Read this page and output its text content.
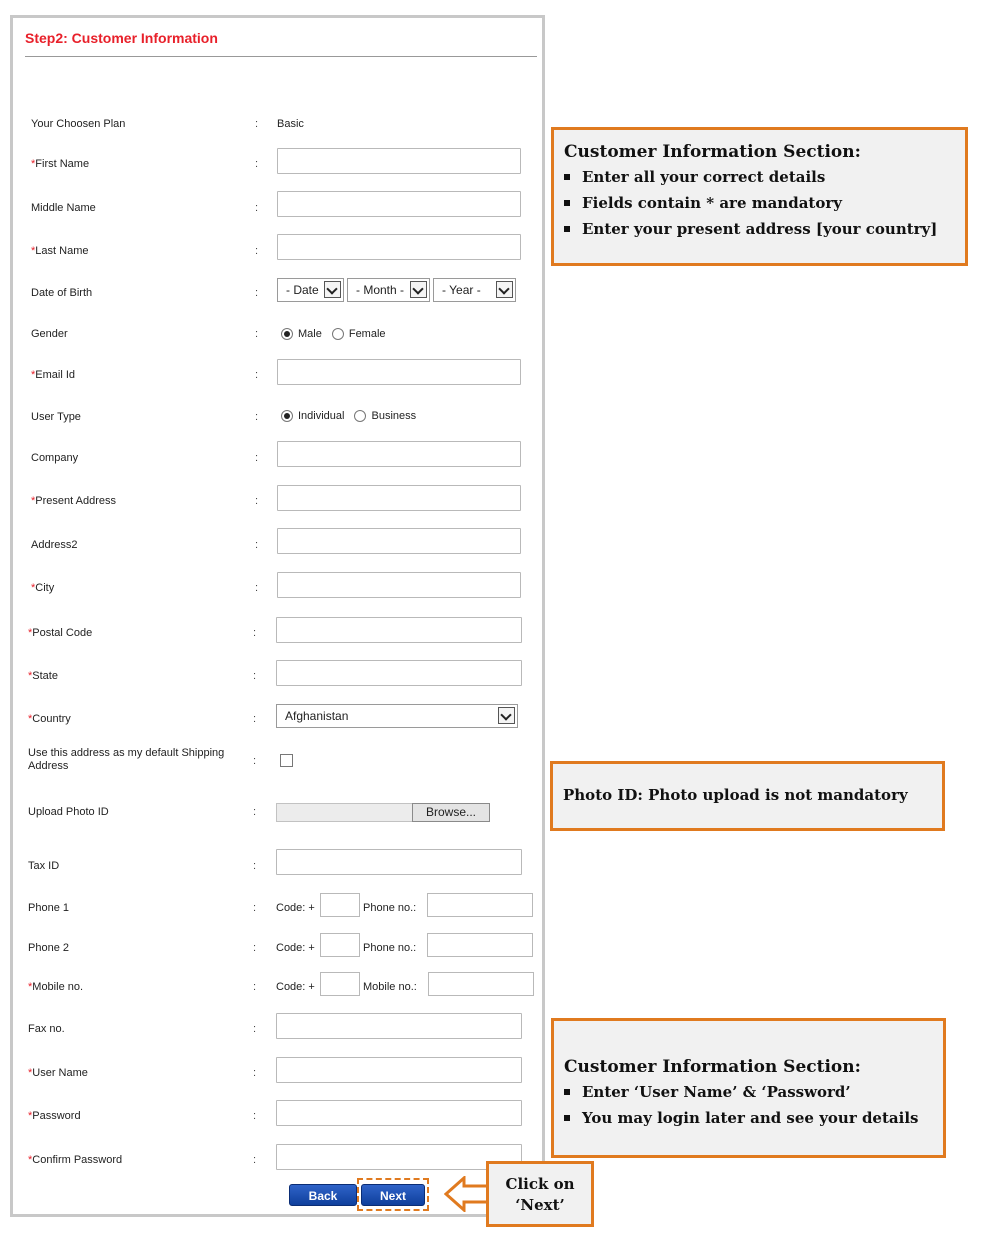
Step2: Customer Information
Your Choosen Plan	: Basic
*First Name	:
Middle Name	:
*Last Name	:
Date of Birth	:	- Date	- Month -	- Year -
Gender	:	Male Female
*Email Id	:
User Type	:	Individual Business
Company	:
*Present Address	:
Address2	:
*City	:
*Postal Code	:
*State	:
*Country	:	Afghanistan
Use this address as my default Shipping Address	:
Upload Photo ID	:	Browse...
Tax ID	:
Phone 1	: Code: +	Phone no.:
Phone 2	: Code: +	Phone no.:
*Mobile no.	: Code: +	Mobile no.:
Fax no.	:
*User Name	:
*Password	:
*Confirm Password	:
Back	Next
Customer Information Section:
Enter all your correct details
Fields contain * are mandatory
Enter your present address [your country]
Photo ID: Photo upload is not mandatory
Customer Information Section:
Enter ‘User Name’ & ‘Password’
You may login later and see your details
Click on
‘Next’
